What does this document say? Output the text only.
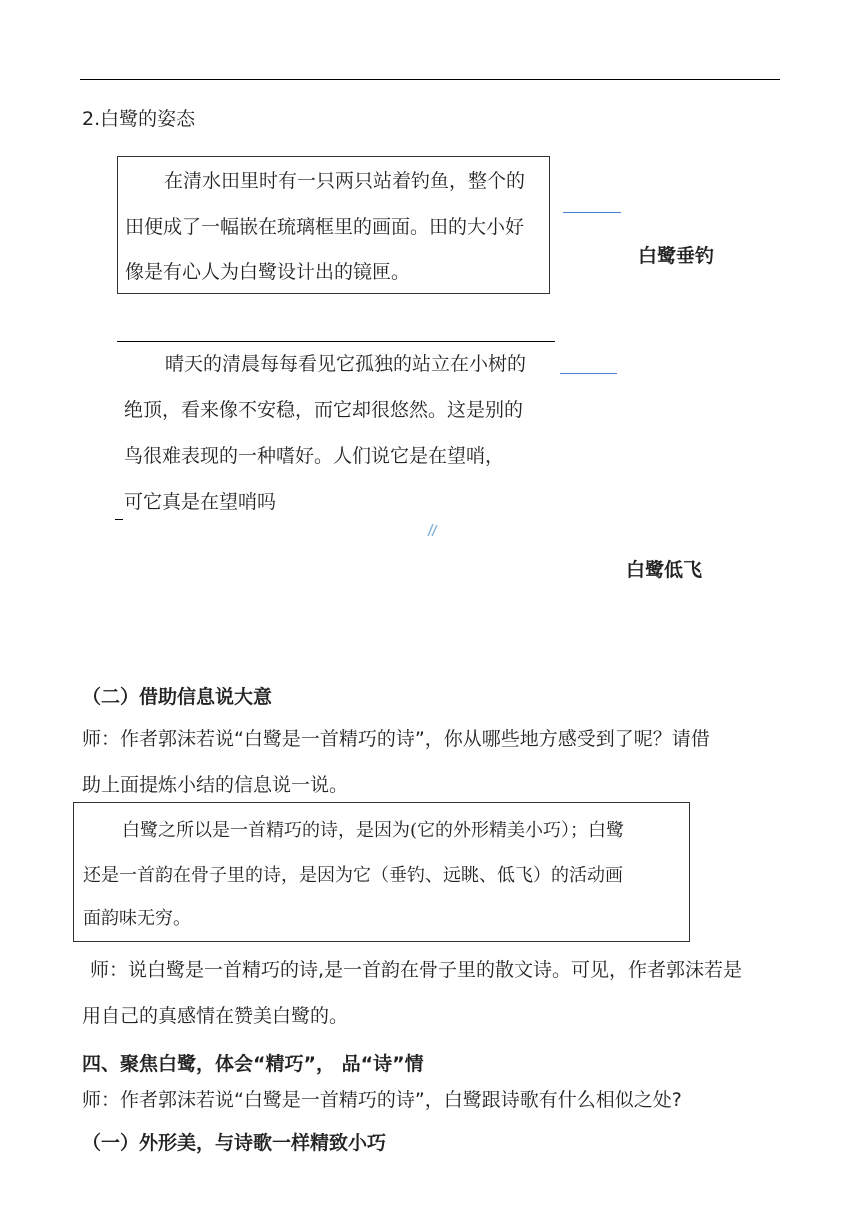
2.白鹭的姿态
在清水田里时有一只两只站着钓鱼，整个的
田便成了一幅嵌在琉璃框里的画面。田的大小好
像是有心人为白鹭设计出的镜匣。
白鹭垂钓
晴天的清晨每每看见它孤独的站立在小树的
绝顶，看来像不安稳，而它却很悠然。这是别的
鸟很难表现的一种嗜好。人们说它是在望哨，
可它真是在望哨吗
白鹭低飞
（二）借助信息说大意
师：作者郭沫若说“白鹭是一首精巧的诗”，你从哪些地方感受到了呢？请借
助上面提炼小结的信息说一说。
白鹭之所以是一首精巧的诗，是因为(它的外形精美小巧）；白鹭
还是一首韵在骨子里的诗，是因为它（垂钓、远眺、低飞）的活动画
面韵味无穷。
师：说白鹭是一首精巧的诗,是一首韵在骨子里的散文诗。可见，作者郭沫若是
用自己的真感情在赞美白鹭的。
四、聚焦白鹭，体会“精巧”， 品“诗”情
师：作者郭沫若说“白鹭是一首精巧的诗”，白鹭跟诗歌有什么相似之处?
（一）外形美，与诗歌一样精致小巧
